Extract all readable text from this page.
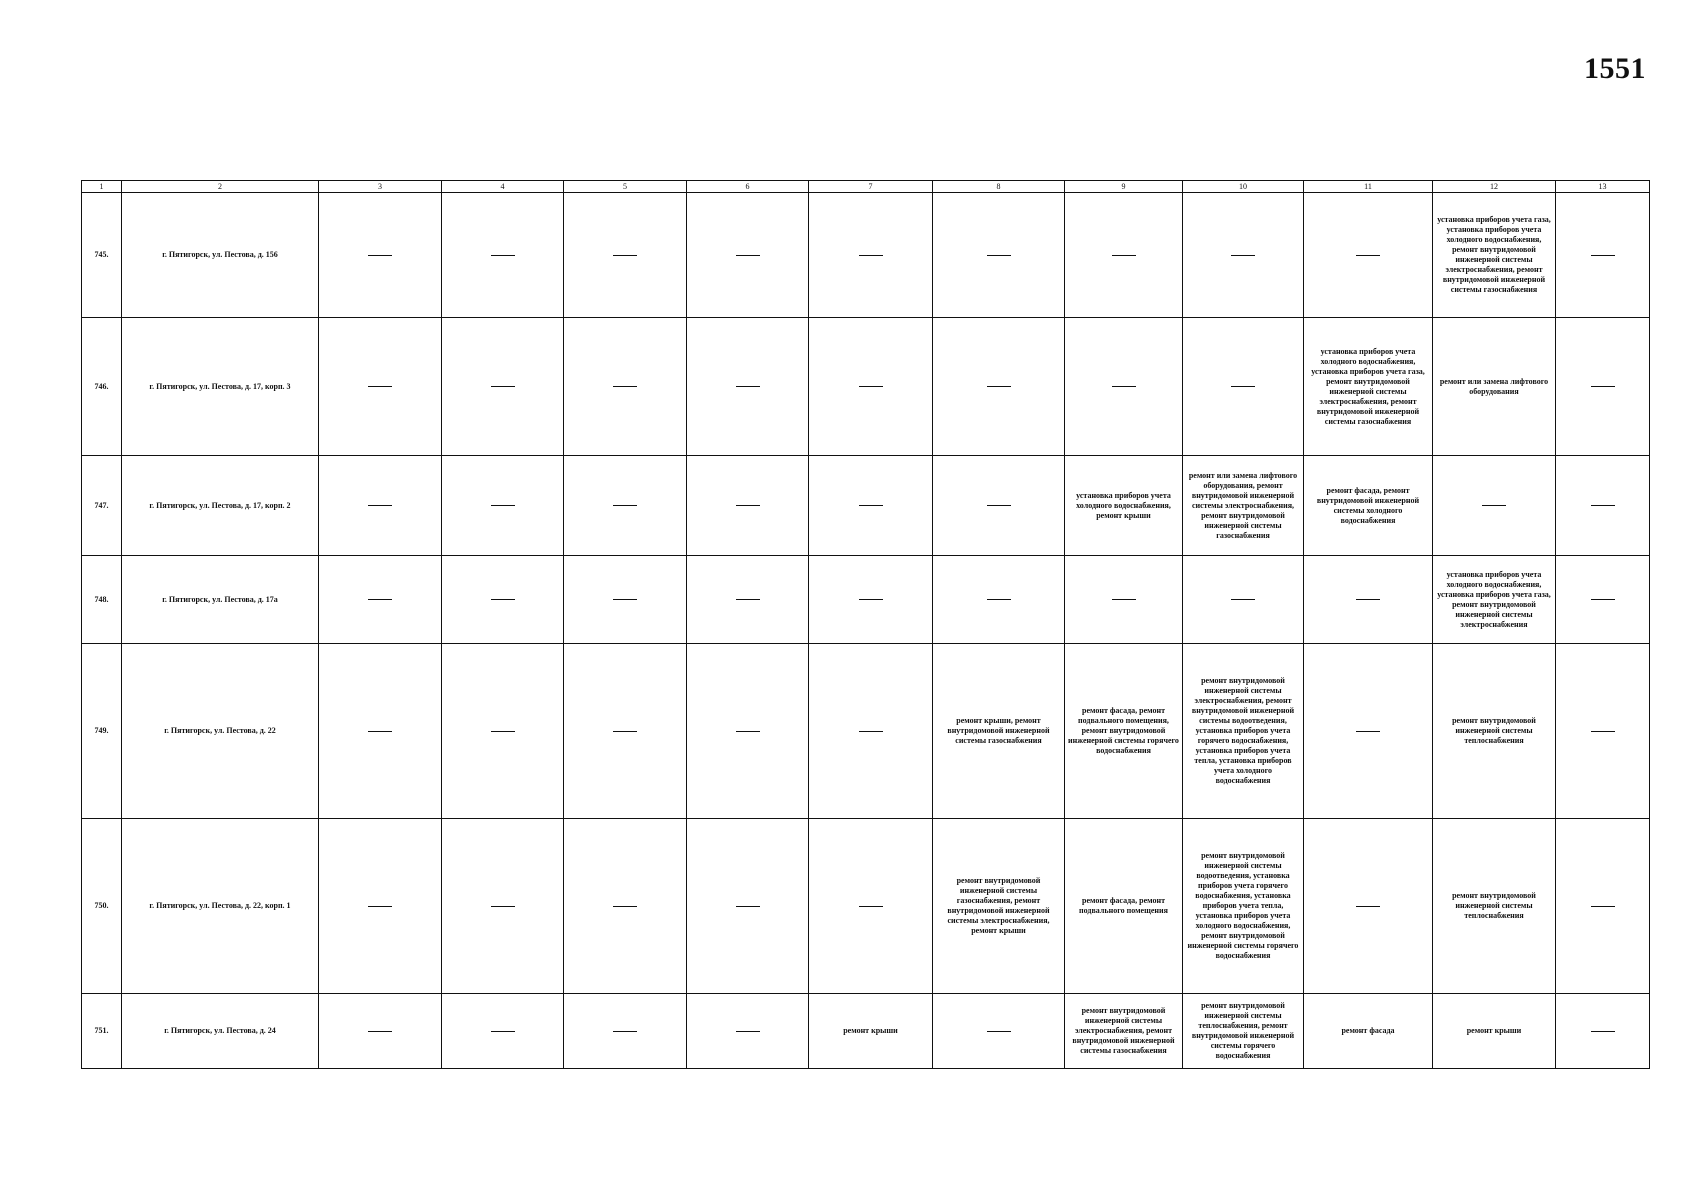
1551
1	2	3	4	5	6	7	8	9	10	11	12	13
745.	г. Пятигорск, ул. Пестова, д. 156										установка приборов учета газа, установка приборов учета холодного водоснабжения, ремонт внутридомовой инженерной системы электроснабжения, ремонт внутридомовой инженерной системы газоснабжения	
746.	г. Пятигорск, ул. Пестова, д. 17, корп. 3									установка приборов учета холодного водоснабжения, установка приборов учета газа, ремонт внутридомовой инженерной системы электроснабжения, ремонт внутридомовой инженерной системы газоснабжения	ремонт или замена лифтового оборудования	
747.	г. Пятигорск, ул. Пестова, д. 17, корп. 2							установка приборов учета холодного водоснабжения, ремонт крыши	ремонт или замена лифтового оборудования, ремонт внутридомовой инженерной системы электроснабжения, ремонт внутридомовой инженерной системы газоснабжения	ремонт фасада, ремонт внутридомовой инженерной системы холодного водоснабжения		
748.	г. Пятигорск, ул. Пестова, д. 17а										установка приборов учета холодного водоснабжения, установка приборов учета газа, ремонт внутридомовой инженерной системы электроснабжения	
749.	г. Пятигорск, ул. Пестова, д. 22						ремонт крыши, ремонт внутридомовой инженерной системы газоснабжения	ремонт фасада, ремонт подвального помещения, ремонт внутридомовой инженерной системы горячего водоснабжения	ремонт внутридомовой инженерной системы электроснабжения, ремонт внутридомовой инженерной системы водоотведения, установка приборов учета горячего водоснабжения, установка приборов учета тепла, установка приборов учета холодного водоснабжения		ремонт внутридомовой инженерной системы теплоснабжения	
750.	г. Пятигорск, ул. Пестова, д. 22, корп. 1						ремонт внутридомовой инженерной системы газоснабжения, ремонт внутридомовой инженерной системы электроснабжения, ремонт крыши	ремонт фасада, ремонт подвального помещения	ремонт внутридомовой инженерной системы водоотведения, установка приборов учета горячего водоснабжения, установка приборов учета тепла, установка приборов учета холодного водоснабжения, ремонт внутридомовой инженерной системы горячего водоснабжения		ремонт внутридомовой инженерной системы теплоснабжения	
751.	г. Пятигорск, ул. Пестова, д. 24					ремонт крыши		ремонт внутридомовой инженерной системы электроснабжения, ремонт внутридомовой инженерной системы газоснабжения	ремонт внутридомовой инженерной системы теплоснабжения, ремонт внутридомовой инженерной системы горячего водоснабжения	ремонт фасада	ремонт крыши	
